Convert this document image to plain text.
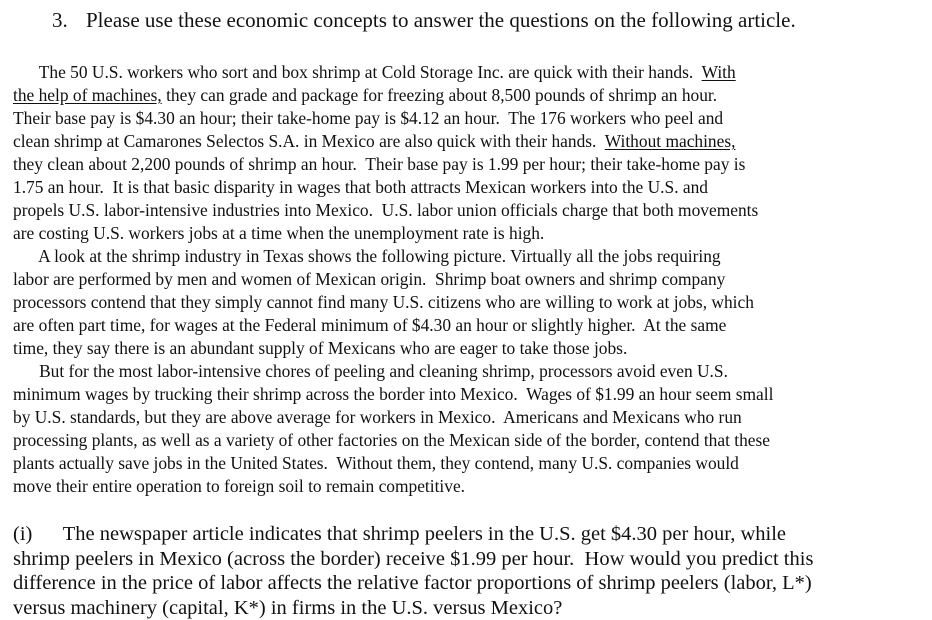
3. Please use these economic concepts to answer the questions on the following article.
The 50 U.S. workers who sort and box shrimp at Cold Storage Inc. are quick with their hands.  With
the help of machines, they can grade and package for freezing about 8,500 pounds of shrimp an hour.
Their base pay is $4.30 an hour; their take-home pay is $4.12 an hour.  The 176 workers who peel and
clean shrimp at Camarones Selectos S.A. in Mexico are also quick with their hands.  Without machines,
they clean about 2,200 pounds of shrimp an hour.  Their base pay is 1.99 per hour; their take-home pay is
1.75 an hour.  It is that basic disparity in wages that both attracts Mexican workers into the U.S. and
propels U.S. labor-intensive industries into Mexico.  U.S. labor union officials charge that both movements
are costing U.S. workers jobs at a time when the unemployment rate is high.
A look at the shrimp industry in Texas shows the following picture. Virtually all the jobs requiring
labor are performed by men and women of Mexican origin.  Shrimp boat owners and shrimp company
processors contend that they simply cannot find many U.S. citizens who are willing to work at jobs, which
are often part time, for wages at the Federal minimum of $4.30 an hour or slightly higher.  At the same
time, they say there is an abundant supply of Mexicans who are eager to take those jobs.
But for the most labor-intensive chores of peeling and cleaning shrimp, processors avoid even U.S.
minimum wages by trucking their shrimp across the border into Mexico.  Wages of $1.99 an hour seem small
by U.S. standards, but they are above average for workers in Mexico.  Americans and Mexicans who run
processing plants, as well as a variety of other factories on the Mexican side of the border, contend that these
plants actually save jobs in the United States.  Without them, they contend, many U.S. companies would
move their entire operation to foreign soil to remain competitive.
(i)      The newspaper article indicates that shrimp peelers in the U.S. get $4.30 per hour, while
shrimp peelers in Mexico (across the border) receive $1.99 per hour.  How would you predict this
difference in the price of labor affects the relative factor proportions of shrimp peelers (labor, L*)
versus machinery (capital, K*) in firms in the U.S. versus Mexico?
